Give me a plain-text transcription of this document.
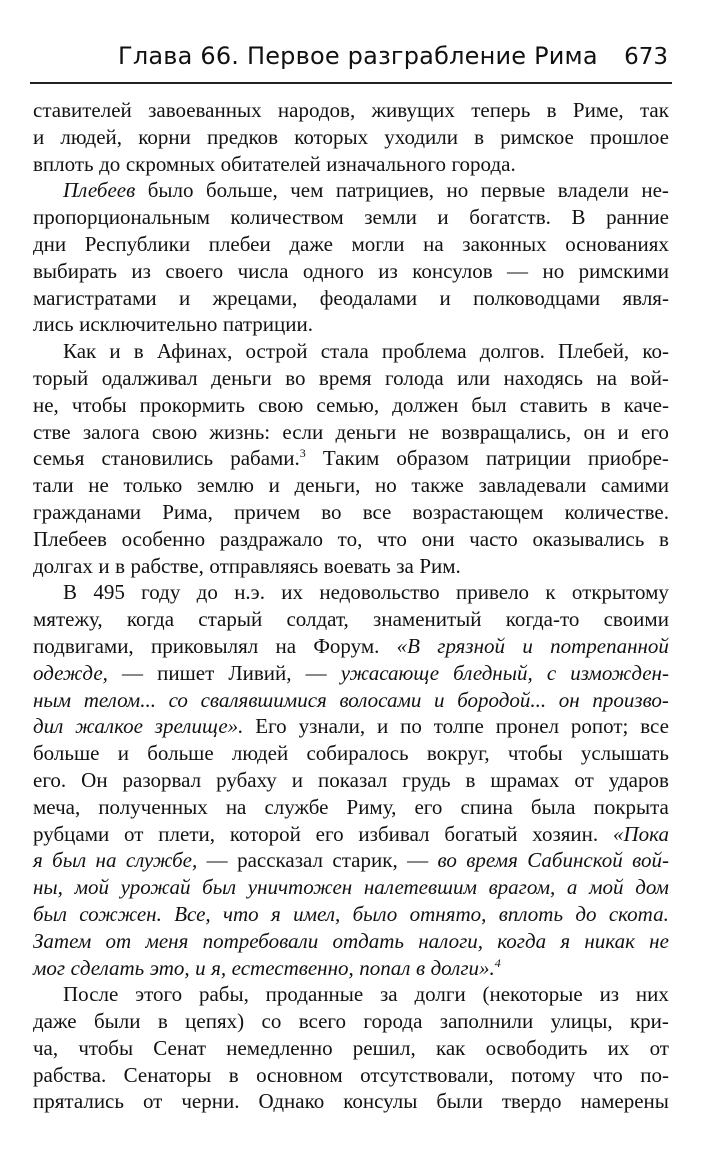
Глава 66. Первое разграбление Рима 673
ставителей завоеванных народов, живущих теперь в Риме, так
и людей, корни предков которых уходили в римское прошлое
вплоть до скромных обитателей изначального города.
Плебеев было больше, чем патрициев, но первые владели не-
пропорциональным количеством земли и богатств. В ранние
дни Республики плебеи даже могли на законных основаниях
выбирать из своего числа одного из консулов — но римскими
магистратами и жрецами, феодалами и полководцами явля-
лись исключительно патриции.
Как и в Афинах, острой стала проблема долгов. Плебей, ко-
торый одалживал деньги во время голода или находясь на вой-
не, чтобы прокормить свою семью, должен был ставить в каче-
стве залога свою жизнь: если деньги не возвращались, он и его
семья становились рабами.$^3$ Таким образом патриции приобре-
тали не только землю и деньги, но также завладевали самими
гражданами Рима, причем во все возрастающем количестве.
Плебеев особенно раздражало то, что они часто оказывались в
долгах и в рабстве, отправляясь воевать за Рим.
В 495 году до н.э. их недовольство привело к открытому
мятежу, когда старый солдат, знаменитый когда-то своими
подвигами, приковылял на Форум. «В грязной и потрепанной
одежде, — пишет Ливий, — ужасающе бледный, с изможден-
ным телом... со свалявшимися волосами и бородой... он произво-
дил жалкое зрелище». Его узнали, и по толпе пронел ропот; все
больше и больше людей собиралось вокруг, чтобы услышать
его. Он разорвал рубаху и показал грудь в шрамах от ударов
меча, полученных на службе Риму, его спина была покрыта
рубцами от плети, которой его избивал богатый хозяин. «Пока
я был на службе, — рассказал старик, — во время Сабинской вой-
ны, мой урожай был уничтожен налетевшим врагом, а мой дом
был сожжен. Все, что я имел, было отнято, вплоть до скота.
Затем от меня потребовали отдать налоги, когда я никак не
мог сделать это, и я, естественно, попал в долги».$^4$
После этого рабы, проданные за долги (некоторые из них
даже были в цепях) со всего города заполнили улицы, кри-
ча, чтобы Сенат немедленно решил, как освободить их от
рабства. Сенаторы в основном отсутствовали, потому что по-
прятались от черни. Однако консулы были твердо намерены
